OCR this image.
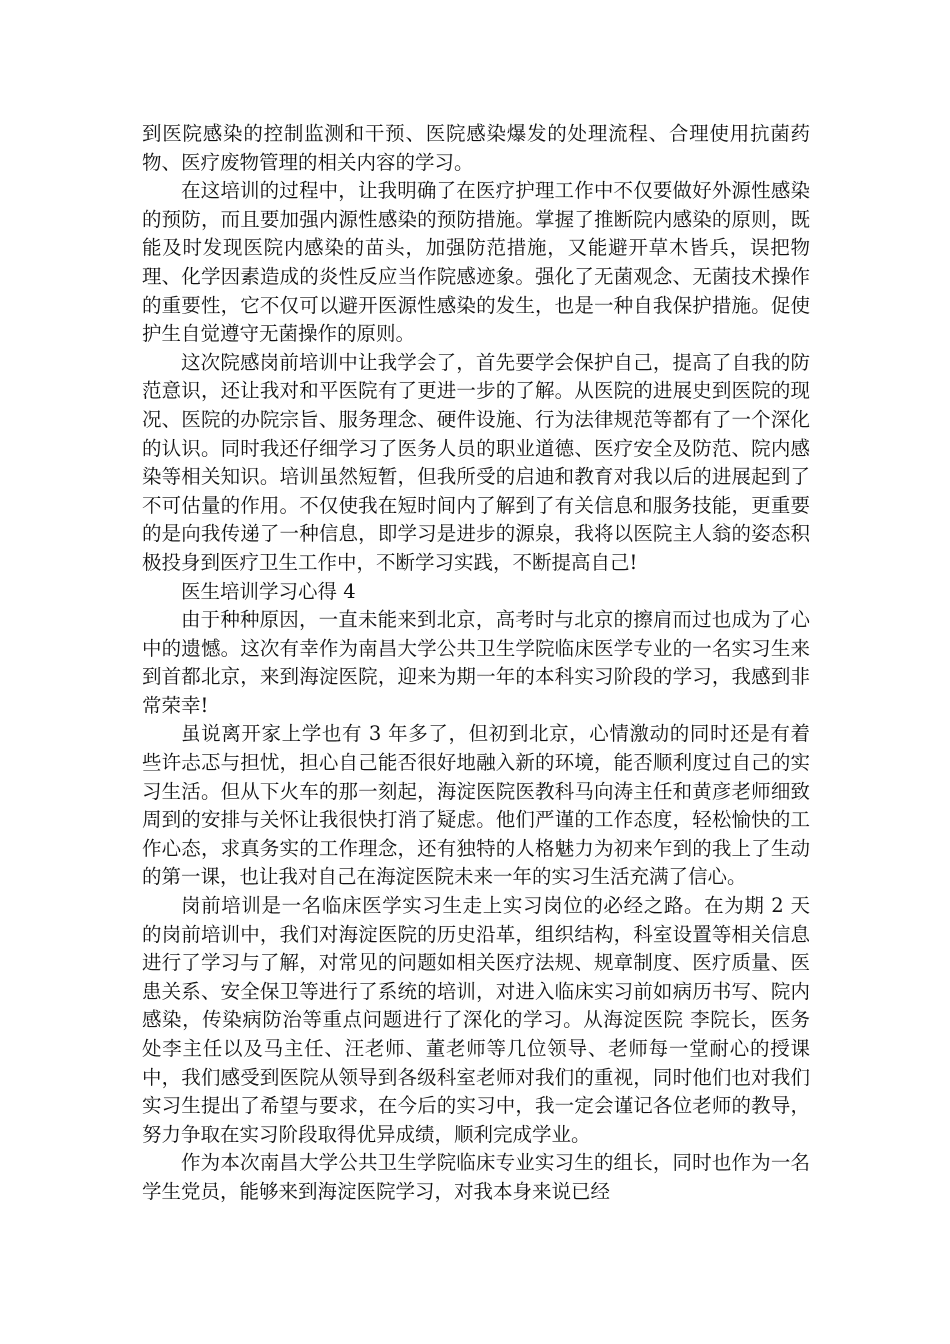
到医院感染的控制监测和干预、医院感染爆发的处理流程、合理使用抗菌药物、医疗废物管理的相关内容的学习。

在这培训的过程中，让我明确了在医疗护理工作中不仅要做好外源性感染的预防，而且要加强内源性感染的预防措施。掌握了推断院内感染的原则，既能及时发现医院内感染的苗头，加强防范措施，又能避开草木皆兵，误把物理、化学因素造成的炎性反应当作院感迹象。强化了无菌观念、无菌技术操作的重要性，它不仅可以避开医源性感染的发生，也是一种自我保护措施。促使护生自觉遵守无菌操作的原则。

这次院感岗前培训中让我学会了，首先要学会保护自己，提高了自我的防范意识，还让我对和平医院有了更进一步的了解。从医院的进展史到医院的现况、医院的办院宗旨、服务理念、硬件设施、行为法律规范等都有了一个深化的认识。同时我还仔细学习了医务人员的职业道德、医疗安全及防范、院内感染等相关知识。培训虽然短暂，但我所受的启迪和教育对我以后的进展起到了不可估量的作用。不仅使我在短时间内了解到了有关信息和服务技能，更重要的是向我传递了一种信息，即学习是进步的源泉，我将以医院主人翁的姿态积极投身到医疗卫生工作中，不断学习实践，不断提高自己!

医生培训学习心得 4

由于种种原因，一直未能来到北京，高考时与北京的擦肩而过也成为了心中的遗憾。这次有幸作为南昌大学公共卫生学院临床医学专业的一名实习生来到首都北京，来到海淀医院，迎来为期一年的本科实习阶段的学习，我感到非常荣幸!

虽说离开家上学也有 3 年多了，但初到北京，心情激动的同时还是有着些许忐忑与担忧，担心自己能否很好地融入新的环境，能否顺利度过自己的实习生活。但从下火车的那一刻起，海淀医院医教科马向涛主任和黄彦老师细致周到的安排与关怀让我很快打消了疑虑。他们严谨的工作态度，轻松愉快的工作心态，求真务实的工作理念，还有独特的人格魅力为初来乍到的我上了生动的第一课，也让我对自己在海淀医院未来一年的实习生活充满了信心。

岗前培训是一名临床医学实习生走上实习岗位的必经之路。在为期 2 天的岗前培训中，我们对海淀医院的历史沿革，组织结构，科室设置等相关信息进行了学习与了解，对常见的问题如相关医疗法规、规章制度、医疗质量、医患关系、安全保卫等进行了系统的培训，对进入临床实习前如病历书写、院内感染，传染病防治等重点问题进行了深化的学习。从海淀医院 李院长，医务处李主任以及马主任、汪老师、董老师等几位领导、老师每一堂耐心的授课中，我们感受到医院从领导到各级科室老师对我们的重视，同时他们也对我们实习生提出了希望与要求，在今后的实习中，我一定会谨记各位老师的教导，努力争取在实习阶段取得优异成绩，顺利完成学业。

作为本次南昌大学公共卫生学院临床专业实习生的组长，同时也作为一名学生党员，能够来到海淀医院学习，对我本身来说已经
